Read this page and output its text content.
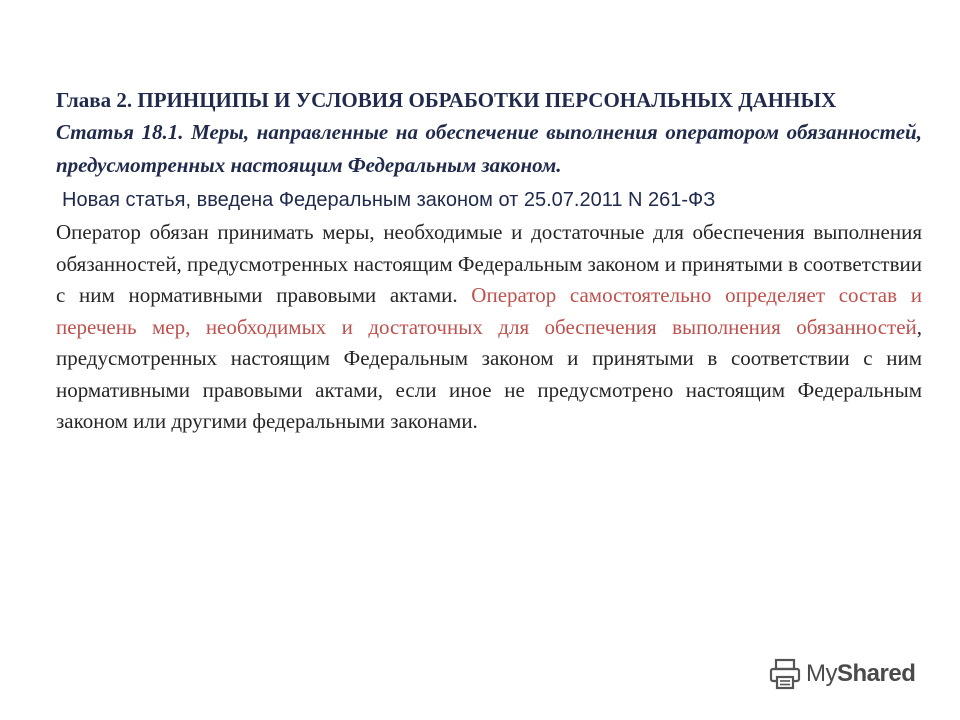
Глава 2. ПРИНЦИПЫ И УСЛОВИЯ ОБРАБОТКИ ПЕРСОНАЛЬНЫХ ДАННЫХ

Статья 18.1. Меры, направленные на обеспечение выполнения оператором обязанностей, предусмотренных настоящим Федеральным законом.

Новая статья, введена Федеральным законом от 25.07.2011 N 261-ФЗ

Оператор обязан принимать меры, необходимые и достаточные для обеспечения выполнения обязанностей, предусмотренных настоящим Федеральным законом и принятыми в соответствии с ним нормативными правовыми актами. Оператор самостоятельно определяет состав и перечень мер, необходимых и достаточных для обеспечения выполнения обязанностей, предусмотренных настоящим Федеральным законом и принятыми в соответствии с ним нормативными правовыми актами, если иное не предусмотрено настоящим Федеральным законом или другими федеральными законами.

MyShared
